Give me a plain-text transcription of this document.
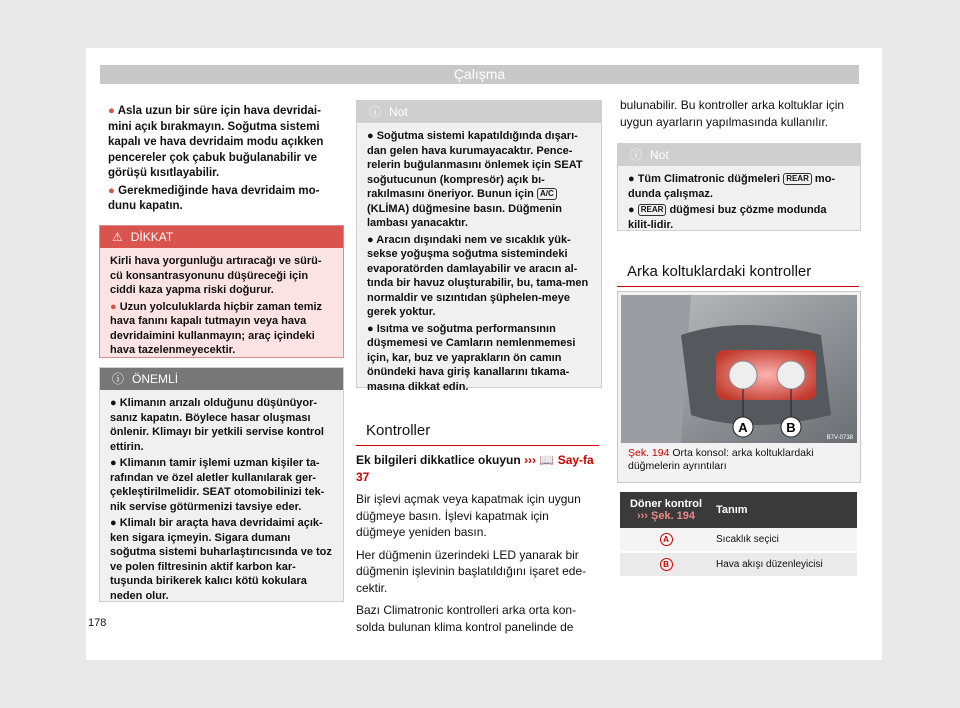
Çalışma

● Asla uzun bir süre için hava devridai-mini açık bırakmayın. Soğutma sistemi kapalı ve hava devridaim modu açıkken pencereler çok çabuk buğulanabilir ve görüşü kısıtlayabilir.

● Gerekmediğinde hava devridaim mo-dunu kapatın.

⚠ DİKKAT

Kirli hava yorgunluğu artıracağı ve sürü-cü konsantrasyonunu düşüreceği için ciddi kaza yapma riski doğurur.

● Uzun yolculuklarda hiçbir zaman temiz hava fanını kapalı tutmayın veya hava devridaimini kullanmayın; araç içindeki hava tazelenmeyecektir.

ⓘ ÖNEMLİ

● Klimanın arızalı olduğunu düşünüyor-sanız kapatın. Böylece hasar oluşması önlenir. Klimayı bir yetkili servise kontrol ettirin.

● Klimanın tamir işlemi uzman kişiler ta-rafından ve özel aletler kullanılarak ger-çekleştirilmelidir. SEAT otomobilinizi tek-nik servise götürmenizi tavsiye eder.

● Klimalı bir araçta hava devridaimi açık-ken sigara içmeyin. Sigara dumanı soğutma sistemi buharlaştırıcısında ve toz ve polen filtresinin aktif karbon kar-tuşunda birikerek kalıcı kötü kokulara neden olur.

ⓘ Not

● Soğutma sistemi kapatıldığında dışarı-dan gelen hava kurumayacaktır. Pence-relerin buğulanmasını önlemek için SEAT soğutucunun (kompresör) açık bı-rakılmasını öneriyor. Bunun için A/C (KLİMA) düğmesine basın. Düğmenin lambası yanacaktır.

● Aracın dışındaki nem ve sıcaklık yük-sekse yoğuşma soğutma sistemindeki evaporatörden damlayabilir ve aracın al-tında bir havuz oluşturabilir, bu, tama-men normaldir ve sızıntıdan şüphelen-meye gerek yoktur.

● Isıtma ve soğutma performansının düşmemesi ve Camların nemlenmemesi için, kar, buz ve yaprakların ön camın önündeki hava giriş kanallarını tıkama-masına dikkat edin.

Kontroller

Ek bilgileri dikkatlice okuyun ››› 📖 Say-fa 37

Bir işlevi açmak veya kapatmak için uygun düğmeye basın. İşlevi kapatmak için düğmeye yeniden basın.

Her düğmenin üzerindeki LED yanarak bir düğmenin işlevinin başlatıldığını işaret ede-cektir.

Bazı Climatronic kontrolleri arka orta kon-solda bulunan klima kontrol panelinde de

bulunabilir. Bu kontroller arka koltuklar için uygun ayarların yapılmasında kullanılır.

ⓘ Not

● Tüm Climatronic düğmeleri REAR mo-dunda çalışmaz.

● REAR düğmesi buz çözme modunda kilit-lidir.

Arka koltuklardaki kontroller
A	B
B7V-0738
Şek. 194 Orta konsol: arka koltuklardaki düğmelerin ayrıntıları
Döner kontrol
››› Şek. 194	Tanım
A	Sıcaklık seçici
B	Hava akışı düzenleyicisi
178
